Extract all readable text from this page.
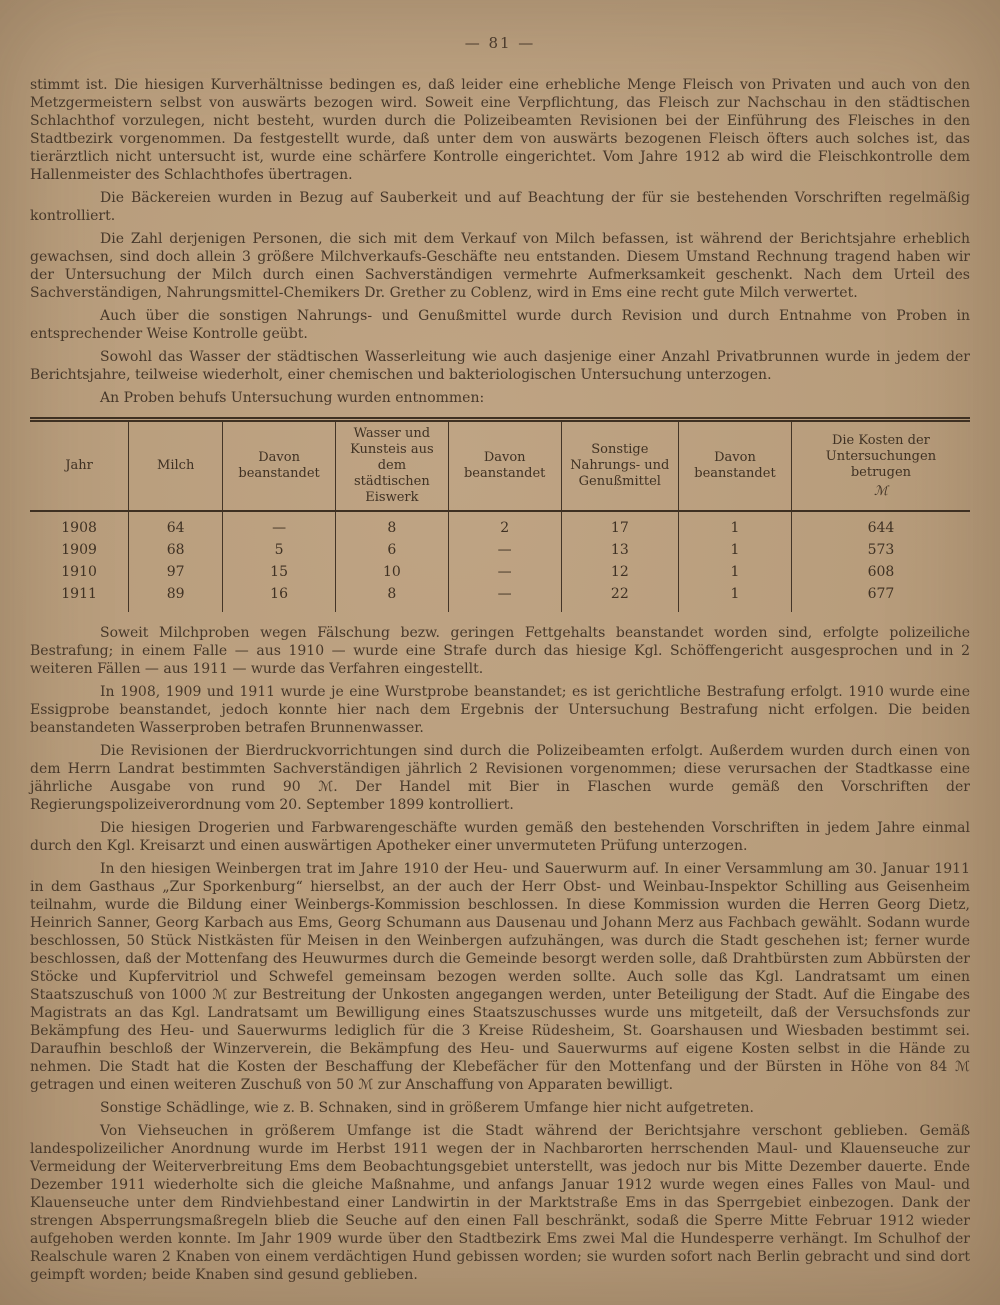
— 81 —

stimmt ist. Die hiesigen Kurverhältnisse bedingen es, daß leider eine erhebliche Menge Fleisch von Privaten und auch von den Metzgermeistern selbst von auswärts bezogen wird. Soweit eine Verpflichtung, das Fleisch zur Nachschau in den städtischen Schlachthof vorzulegen, nicht besteht, wurden durch die Polizeibeamten Revisionen bei der Einführung des Fleisches in den Stadtbezirk vorgenommen. Da festgestellt wurde, daß unter dem von auswärts bezogenen Fleisch öfters auch solches ist, das tierärztlich nicht untersucht ist, wurde eine schärfere Kontrolle eingerichtet. Vom Jahre 1912 ab wird die Fleischkontrolle dem Hallenmeister des Schlachthofes übertragen.

Die Bäckereien wurden in Bezug auf Sauberkeit und auf Beachtung der für sie bestehenden Vorschriften regelmäßig kontrolliert.

Die Zahl derjenigen Personen, die sich mit dem Verkauf von Milch befassen, ist während der Berichtsjahre erheblich gewachsen, sind doch allein 3 größere Milchverkaufs-Geschäfte neu entstanden. Diesem Umstand Rechnung tragend haben wir der Untersuchung der Milch durch einen Sachverständigen vermehrte Aufmerksamkeit geschenkt. Nach dem Urteil des Sachverständigen, Nahrungsmittel-Chemikers Dr. Grether zu Coblenz, wird in Ems eine recht gute Milch verwertet.

Auch über die sonstigen Nahrungs- und Genußmittel wurde durch Revision und durch Entnahme von Proben in entsprechender Weise Kontrolle geübt.

Sowohl das Wasser der städtischen Wasserleitung wie auch dasjenige einer Anzahl Privatbrunnen wurde in jedem der Berichtsjahre, teilweise wiederholt, einer chemischen und bakteriologischen Untersuchung unterzogen.

An Proben behufs Untersuchung wurden entnommen:

Jahr	Milch	Davon beanstandet	Wasser und Kunsteis aus dem städtischen Eiswerk	Davon beanstandet	Sonstige Nahrungs- und Genußmittel	Davon beanstandet	Die Kosten der Untersuchungen betrugen
ℳ

1908	64	—	8	2	17	1	644
1909	68	5	6	—	13	1	573
1910	97	15	10	—	12	1	608
1911	89	16	8	—	22	1	677

Soweit Milchproben wegen Fälschung bezw. geringen Fettgehalts beanstandet worden sind, erfolgte polizeiliche Bestrafung; in einem Falle — aus 1910 — wurde eine Strafe durch das hiesige Kgl. Schöffengericht ausgesprochen und in 2 weiteren Fällen — aus 1911 — wurde das Verfahren eingestellt.

In 1908, 1909 und 1911 wurde je eine Wurstprobe beanstandet; es ist gerichtliche Bestrafung erfolgt. 1910 wurde eine Essigprobe beanstandet, jedoch konnte hier nach dem Ergebnis der Untersuchung Bestrafung nicht erfolgen. Die beiden beanstandeten Wasserproben betrafen Brunnenwasser.

Die Revisionen der Bierdruckvorrichtungen sind durch die Polizeibeamten erfolgt. Außerdem wurden durch einen von dem Herrn Landrat bestimmten Sachverständigen jährlich 2 Revisionen vorgenommen; diese verursachen der Stadtkasse eine jährliche Ausgabe von rund 90 ℳ. Der Handel mit Bier in Flaschen wurde gemäß den Vorschriften der Regierungspolizeiverordnung vom 20. September 1899 kontrolliert.

Die hiesigen Drogerien und Farbwarengeschäfte wurden gemäß den bestehenden Vorschriften in jedem Jahre einmal durch den Kgl. Kreisarzt und einen auswärtigen Apotheker einer unvermuteten Prüfung unterzogen.

In den hiesigen Weinbergen trat im Jahre 1910 der Heu- und Sauerwurm auf. In einer Versammlung am 30. Januar 1911 in dem Gasthaus „Zur Sporkenburg“ hierselbst, an der auch der Herr Obst- und Weinbau-Inspektor Schilling aus Geisenheim teilnahm, wurde die Bildung einer Weinbergs-Kommission beschlossen. In diese Kommission wurden die Herren Georg Dietz, Heinrich Sanner, Georg Karbach aus Ems, Georg Schumann aus Dausenau und Johann Merz aus Fachbach gewählt. Sodann wurde beschlossen, 50 Stück Nistkästen für Meisen in den Weinbergen aufzuhängen, was durch die Stadt geschehen ist; ferner wurde beschlossen, daß der Mottenfang des Heuwurmes durch die Gemeinde besorgt werden solle, daß Drahtbürsten zum Abbürsten der Stöcke und Kupfervitriol und Schwefel gemeinsam bezogen werden sollte. Auch solle das Kgl. Landratsamt um einen Staatszuschuß von 1000 ℳ zur Bestreitung der Unkosten angegangen werden, unter Beteiligung der Stadt. Auf die Eingabe des Magistrats an das Kgl. Landratsamt um Bewilligung eines Staatszuschusses wurde uns mitgeteilt, daß der Versuchsfonds zur Bekämpfung des Heu- und Sauerwurms lediglich für die 3 Kreise Rüdesheim, St. Goarshausen und Wiesbaden bestimmt sei. Daraufhin beschloß der Winzerverein, die Bekämpfung des Heu- und Sauerwurms auf eigene Kosten selbst in die Hände zu nehmen. Die Stadt hat die Kosten der Beschaffung der Klebefächer für den Mottenfang und der Bürsten in Höhe von 84 ℳ getragen und einen weiteren Zuschuß von 50 ℳ zur Anschaffung von Apparaten bewilligt.

Sonstige Schädlinge, wie z. B. Schnaken, sind in größerem Umfange hier nicht aufgetreten.

Von Viehseuchen in größerem Umfange ist die Stadt während der Berichtsjahre verschont geblieben. Gemäß landespolizeilicher Anordnung wurde im Herbst 1911 wegen der in Nachbarorten herrschenden Maul- und Klauenseuche zur Vermeidung der Weiterverbreitung Ems dem Beobachtungsgebiet unterstellt, was jedoch nur bis Mitte Dezember dauerte. Ende Dezember 1911 wiederholte sich die gleiche Maßnahme, und anfangs Januar 1912 wurde wegen eines Falles von Maul- und Klauenseuche unter dem Rindviehbestand einer Landwirtin in der Marktstraße Ems in das Sperrgebiet einbezogen. Dank der strengen Absperrungsmaßregeln blieb die Seuche auf den einen Fall beschränkt, sodaß die Sperre Mitte Februar 1912 wieder aufgehoben werden konnte. Im Jahr 1909 wurde über den Stadtbezirk Ems zwei Mal die Hundesperre verhängt. Im Schulhof der Realschule waren 2 Knaben von einem verdächtigen Hund gebissen worden; sie wurden sofort nach Berlin gebracht und sind dort geimpft worden; beide Knaben sind gesund geblieben.
